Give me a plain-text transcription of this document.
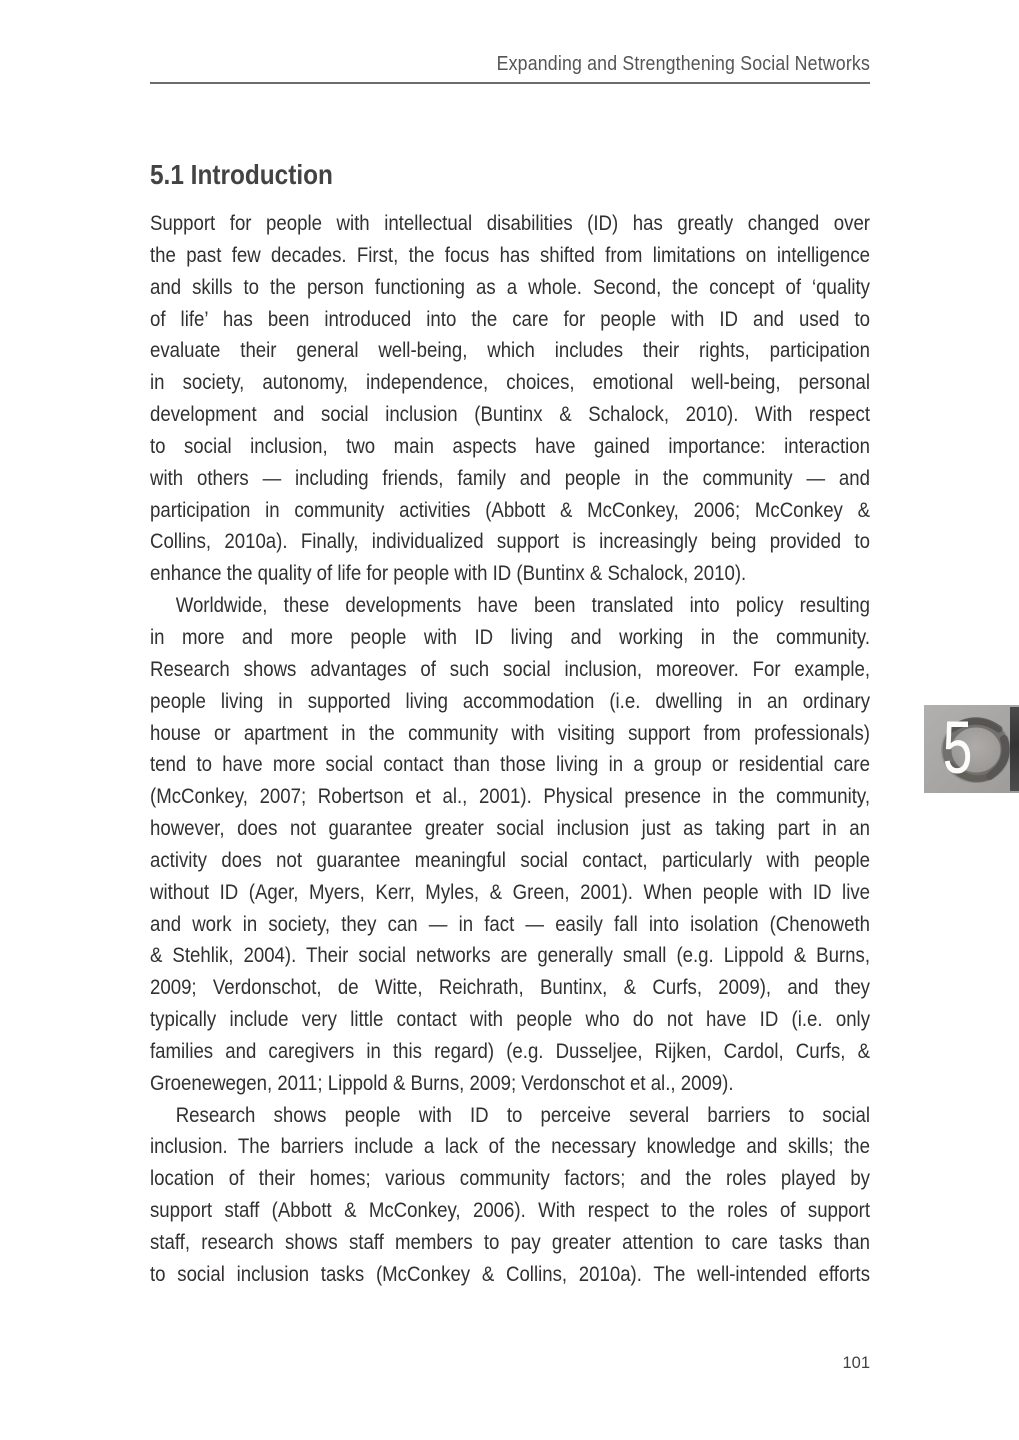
Expanding and Strengthening Social Networks
5.1 Introduction
Support for people with intellectual disabilities (ID) has greatly changed over
the past few decades. First, the focus has shifted from limitations on intelligence
and skills to the person functioning as a whole. Second, the concept of ‘quality
of life’ has been introduced into the care for people with ID and used to
evaluate their general well-being, which includes their rights, participation
in society, autonomy, independence, choices, emotional well-being, personal
development and social inclusion (Buntinx & Schalock, 2010). With respect
to social inclusion, two main aspects have gained importance: interaction
with others — including friends, family and people in the community — and
participation in community activities (Abbott & McConkey, 2006; McConkey &
Collins, 2010a). Finally, individualized support is increasingly being provided to
enhance the quality of life for people with ID (Buntinx & Schalock, 2010).
Worldwide, these developments have been translated into policy resulting
in more and more people with ID living and working in the community.
Research shows advantages of such social inclusion, moreover. For example,
people living in supported living accommodation (i.e. dwelling in an ordinary
house or apartment in the community with visiting support from professionals)
tend to have more social contact than those living in a group or residential care
(McConkey, 2007; Robertson et al., 2001). Physical presence in the community,
however, does not guarantee greater social inclusion just as taking part in an
activity does not guarantee meaningful social contact, particularly with people
without ID (Ager, Myers, Kerr, Myles, & Green, 2001). When people with ID live
and work in society, they can — in fact — easily fall into isolation (Chenoweth
& Stehlik, 2004). Their social networks are generally small (e.g. Lippold & Burns,
2009; Verdonschot, de Witte, Reichrath, Buntinx, & Curfs, 2009), and they
typically include very little contact with people who do not have ID (i.e. only
families and caregivers in this regard) (e.g. Dusseljee, Rijken, Cardol, Curfs, &
Groenewegen, 2011; Lippold & Burns, 2009; Verdonschot et al., 2009).
Research shows people with ID to perceive several barriers to social
inclusion. The barriers include a lack of the necessary knowledge and skills; the
location of their homes; various community factors; and the roles played by
support staff (Abbott & McConkey, 2006). With respect to the roles of support
staff, research shows staff members to pay greater attention to care tasks than
to social inclusion tasks (McConkey & Collins, 2010a). The well-intended efforts
5
101
